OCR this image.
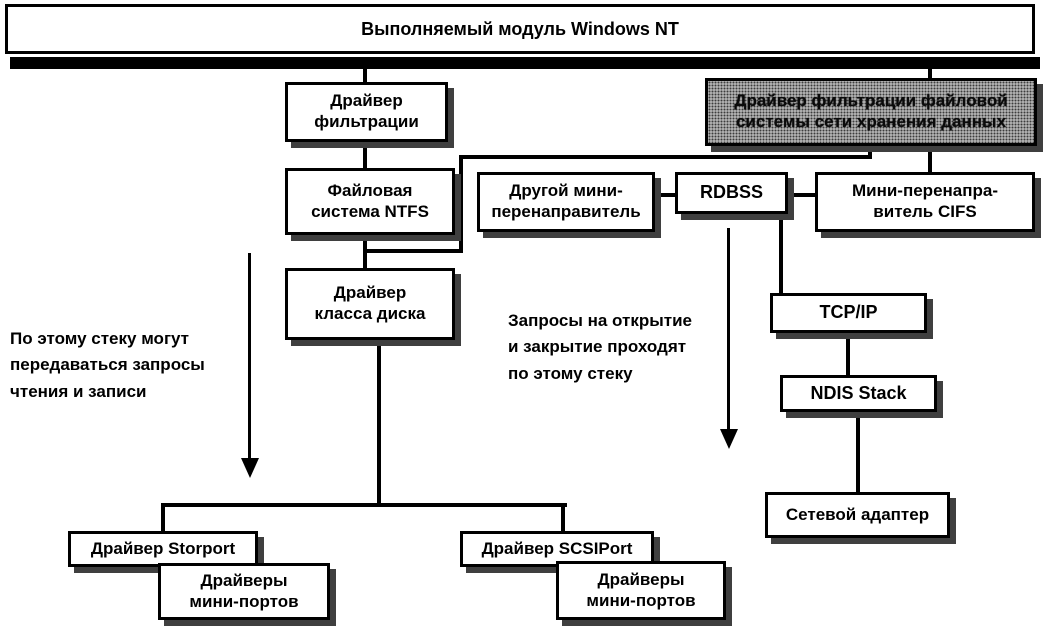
Выполняемый модуль Windows NT
Драйвер
фильтрации
Файловая
система NTFS
Драйвер
класса диска
Драйвер фильтрации файловой
системы сети хранения данных
Другой мини-
перенаправитель
RDBSS	Мини-перенапра-
витель CIFS
TCP/IP
NDIS Stack
Сетевой адаптер
Драйвер Storport
Драйверы
мини-портов
Драйвер SCSIPort
Драйверы
мини-портов
По этому стеку могут
передаваться запросы
чтения и записи
Запросы на открытие
и закрытие проходят
по этому стеку
